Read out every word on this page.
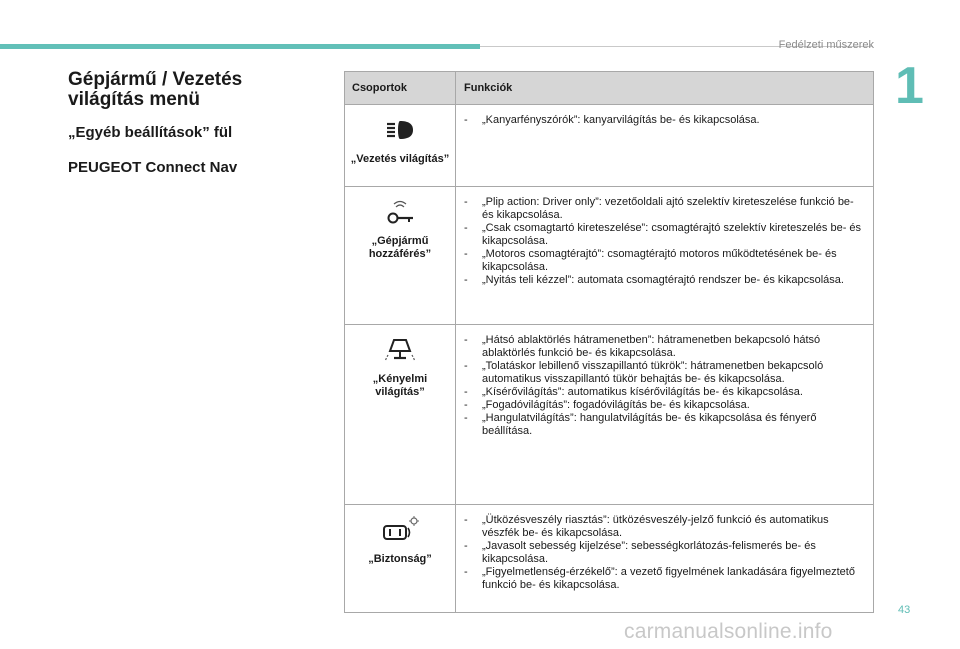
Fedélzeti műszerek
1
Gépjármű / Vezetés
világítás menü
„Egyéb beállítások” fül
PEUGEOT Connect Nav
Csoportok	Funkciók
„Vezetés világítás”
-	„Kanyarfényszórók”: kanyarvilágítás be- és kikapcsolása.
„Gépjármű hozzáférés”
-	„Plip action: Driver only”: vezetőoldali ajtó szelektív kireteszelése funkció be- és kikapcsolása.
-	„Csak csomagtartó kireteszelése”: csomagtérajtó szelektív kireteszelés be- és kikapcsolása.
-	„Motoros csomagtérajtó”: csomagtérajtó motoros működtetésének be- és kikapcsolása.
-	„Nyitás teli kézzel”: automata csomagtérajtó rendszer be- és kikapcsolása.
„Kényelmi világítás”
-	„Hátsó ablaktörlés hátramenetben”: hátramenetben bekapcsoló hátsó ablaktörlés funkció be- és kikapcsolása.
-	„Tolatáskor lebillenő visszapillantó tükrök”: hátramenetben bekapcsoló automatikus visszapillantó tükör behajtás be- és kikapcsolása.
-	„Kísérővilágítás”: automatikus kísérővilágítás be- és kikapcsolása.
-	„Fogadóvilágítás”: fogadóvilágítás be- és kikapcsolása.
-	„Hangulatvilágítás”: hangulatvilágítás be- és kikapcsolása és fényerő beállítása.
„Biztonság”
-	„Ütközésveszély riasztás”: ütközésveszély-jelző funkció és automatikus vészfék be- és kikapcsolása.
-	„Javasolt sebesség kijelzése”: sebességkorlátozás-felismerés be- és kikapcsolása.
-	„Figyelmetlenség-érzékelő”: a vezető figyelmének lankadására figyelmeztető funkció be- és kikapcsolása.
43
carmanualsonline.info
